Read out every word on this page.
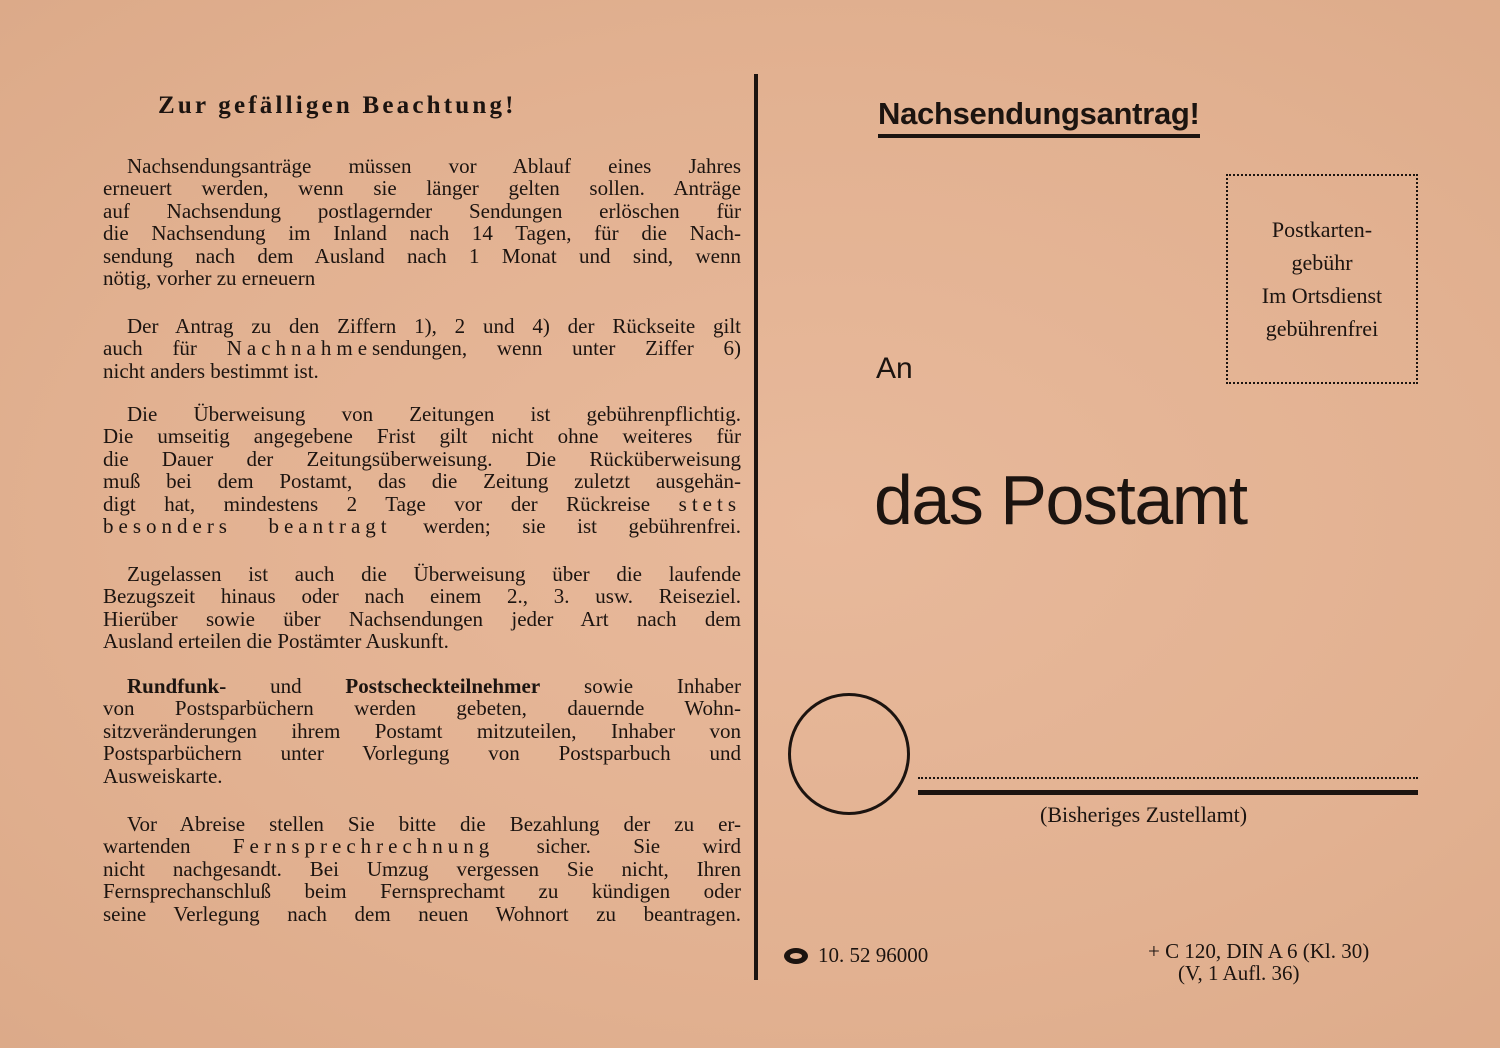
Zur gefälligen Beachtung!
Nachsendungsanträge müssen vor Ablauf eines Jahres
erneuert werden, wenn sie länger gelten sollen. Anträge
auf Nachsendung postlagernder Sendungen erlöschen für
die Nachsendung im Inland nach 14 Tagen, für die Nach-
sendung nach dem Ausland nach 1 Monat und sind, wenn
nötig, vorher zu erneuern
Der Antrag zu den Ziffern 1), 2 und 4) der Rückseite gilt
auch für Nachnahmesendungen, wenn unter Ziffer 6)
nicht anders bestimmt ist.
Die Überweisung von Zeitungen ist gebührenpflichtig.
Die umseitig angegebene Frist gilt nicht ohne weiteres für
die Dauer der Zeitungsüberweisung. Die Rücküberweisung
muß bei dem Postamt, das die Zeitung zuletzt ausgehän-
digt hat, mindestens 2 Tage vor der Rückreise stets
besonders beantragt werden; sie ist gebührenfrei.
Zugelassen ist auch die Überweisung über die laufende
Bezugszeit hinaus oder nach einem 2., 3. usw. Reiseziel.
Hierüber sowie über Nachsendungen jeder Art nach dem
Ausland erteilen die Postämter Auskunft.
Rundfunk- und Postscheckteilnehmer sowie Inhaber
von Postsparbüchern werden gebeten, dauernde Wohn-
sitzveränderungen ihrem Postamt mitzuteilen, Inhaber von
Postsparbüchern unter Vorlegung von Postsparbuch und
Ausweiskarte.
Vor Abreise stellen Sie bitte die Bezahlung der zu er-
wartenden Fernsprechrechnung sicher. Sie wird
nicht nachgesandt. Bei Umzug vergessen Sie nicht, Ihren
Fernsprechanschluß beim Fernsprechamt zu kündigen oder
seine Verlegung nach dem neuen Wohnort zu beantragen.
Nachsendungsantrag!
Postkarten-
gebühr
Im Ortsdienst
gebührenfrei
An
das Postamt
(Bisheriges Zustellamt)
10. 52 96000	+ C 120, DIN A 6 (Kl. 30)
(V, 1 Aufl. 36)
